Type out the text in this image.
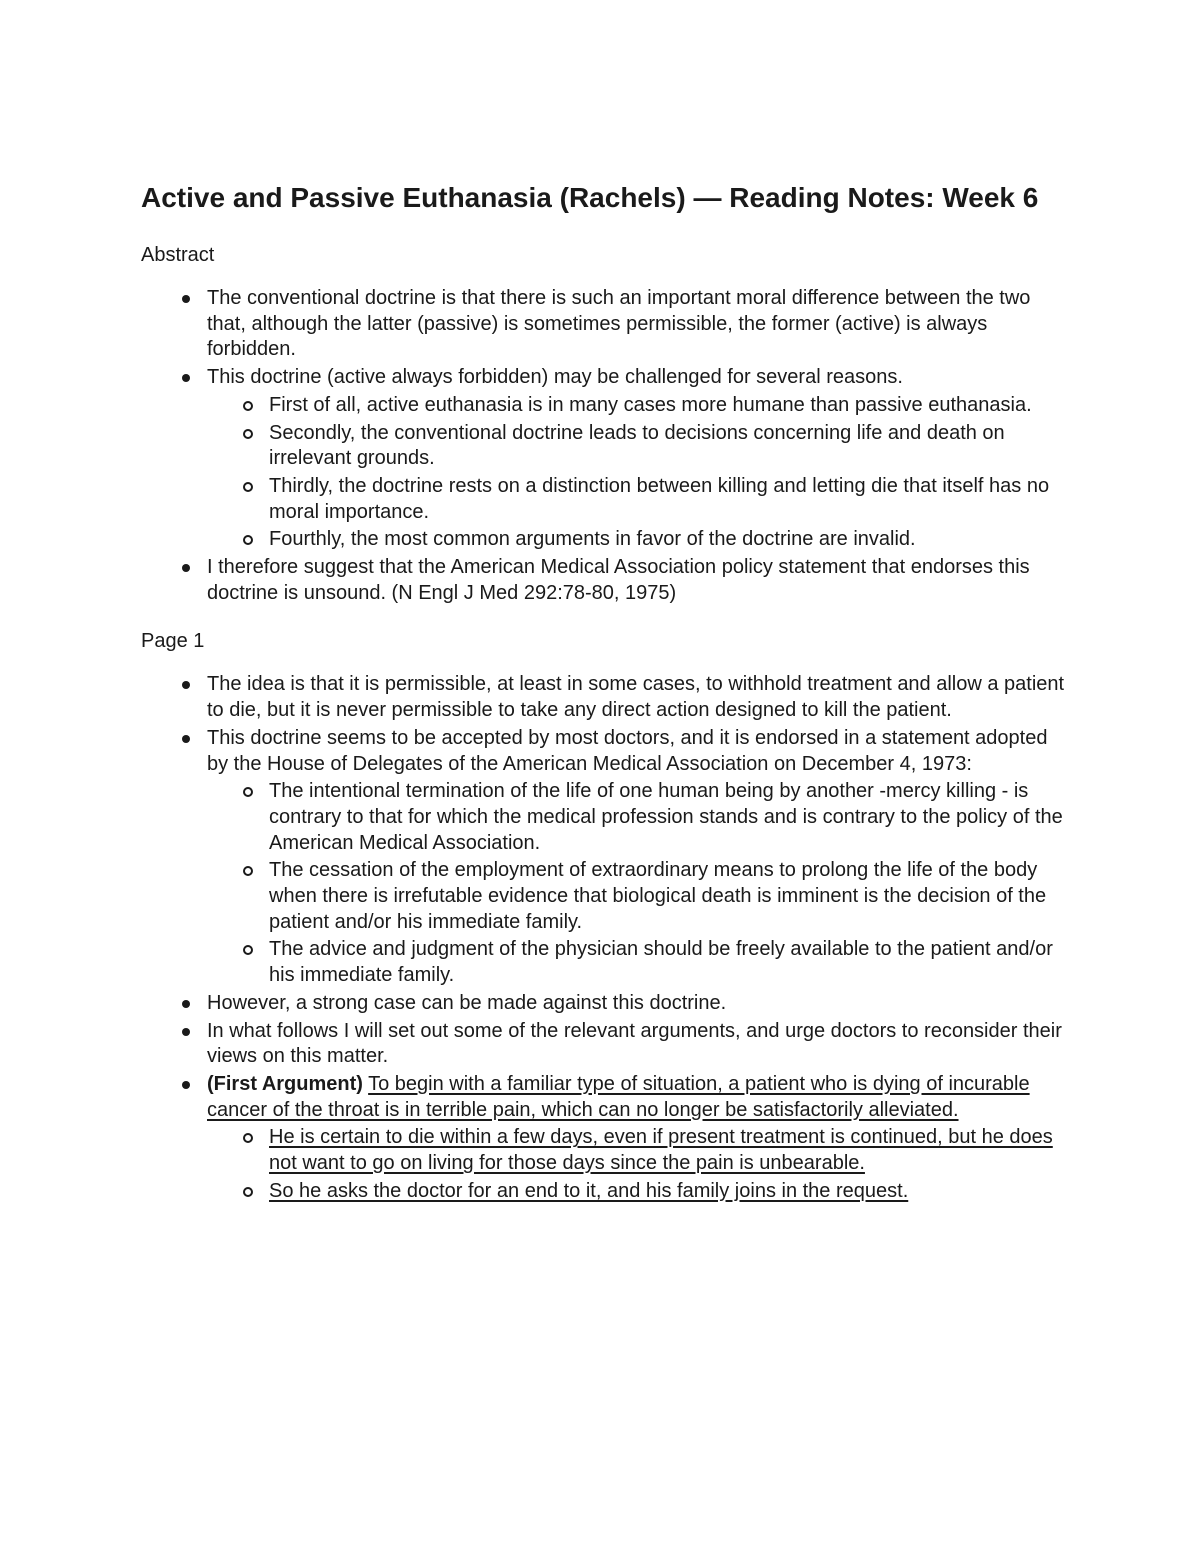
Active and Passive Euthanasia (Rachels) — Reading Notes: Week 6
Abstract
The conventional doctrine is that there is such an important moral difference between the two that, although the latter (passive) is sometimes permissible, the former (active) is always forbidden.
This doctrine (active always forbidden) may be challenged for several reasons.
First of all, active euthanasia is in many cases more humane than passive euthanasia.
Secondly, the conventional doctrine leads to decisions concerning life and death on irrelevant grounds.
Thirdly, the doctrine rests on a distinction between killing and letting die that itself has no moral importance.
Fourthly, the most common arguments in favor of the doctrine are invalid.
I therefore suggest that the American Medical Association policy statement that endorses this doctrine is unsound. (N Engl J Med 292:78-80, 1975)
Page 1
The idea is that it is permissible, at least in some cases, to withhold treatment and allow a patient to die, but it is never permissible to take any direct action designed to kill the patient.
This doctrine seems to be accepted by most doctors, and it is endorsed in a statement adopted by the House of Delegates of the American Medical Association on December 4, 1973:
The intentional termination of the life of one human being by another -mercy killing - is contrary to that for which the medical profession stands and is contrary to the policy of the American Medical Association.
The cessation of the employment of extraordinary means to prolong the life of the body when there is irrefutable evidence that biological death is imminent is the decision of the patient and/or his immediate family.
The advice and judgment of the physician should be freely available to the patient and/or his immediate family.
However, a strong case can be made against this doctrine.
In what follows I will set out some of the relevant arguments, and urge doctors to reconsider their views on this matter.
(First Argument) To begin with a familiar type of situation, a patient who is dying of incurable cancer of the throat is in terrible pain, which can no longer be satisfactorily alleviated.
He is certain to die within a few days, even if present treatment is continued, but he does not want to go on living for those days since the pain is unbearable.
So he asks the doctor for an end to it, and his family joins in the request.
